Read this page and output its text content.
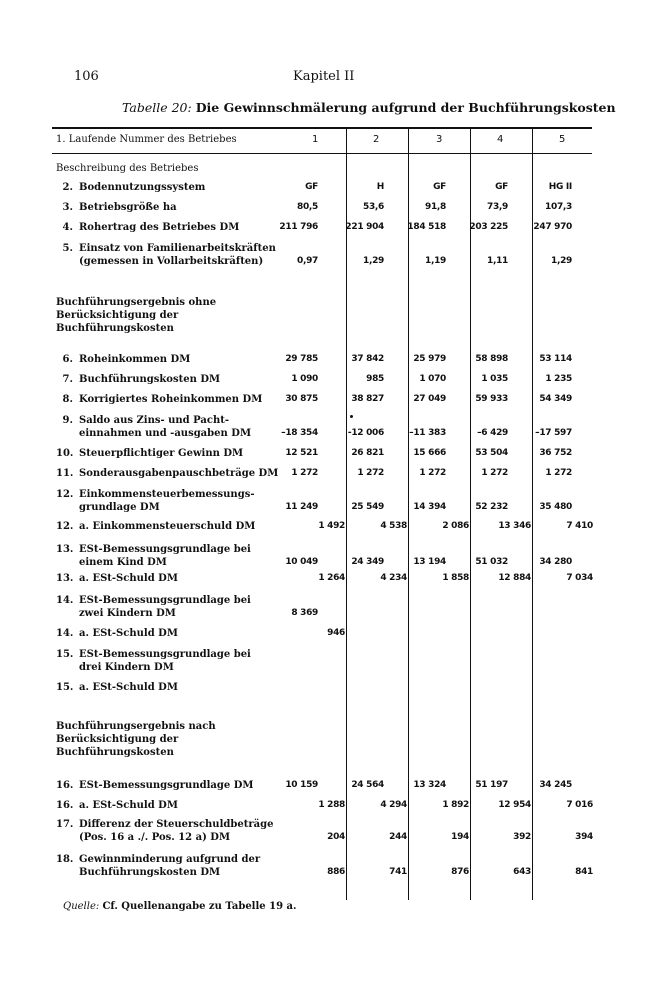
106	Kapitel II
Tabelle 20: Die Gewinnschmälerung aufgrund der Buchführungskosten
1. Laufende Nummer des Betriebes	1	2	3	4	5
Beschreibung des Betriebes
Buchführungsergebnis ohne
Berücksichtigung der
Buchführungskosten
Buchführungsergebnis nach
Berücksichtigung der
Buchführungskosten
2. Bodennutzungssystem	GF	H	GF	GF	HG II
3. Betriebsgröße ha	80,5	53,6	91,8	73,9	107,3
4. Rohertrag des Betriebes DM	211 796	221 904	184 518	203 225	247 970
5. Einsatz von Familienarbeitskräften
(gemessen in Vollarbeitskräften)	0,97	1,29	1,19	1,11	1,29
6. Roheinkommen DM	29 785	37 842	25 979	58 898	53 114
7. Buchführungskosten DM	1 090	985	1 070	1 035	1 235
8. Korrigiertes Roheinkommen DM	30 875	38 827	27 049	59 933	54 349
9. Saldo aus Zins- und Pacht-
einnahmen und -ausgaben DM	–18 354	-12 006	–11 383	–6 429	–17 597
10. Steuerpflichtiger Gewinn DM	12 521	26 821	15 666	53 504	36 752
11. Sonderausgabenpauschbeträge DM 1 272	1 272	1 272	1 272	1 272
12. Einkommensteuerbemessungs-
grundlage DM	11 249	25 549	14 394	52 232	35 480
12. a. Einkommensteuerschuld DM	1 492	4 538	2 086	13 346	7 410
13. ESt-Bemessungsgrundlage bei
einem Kind DM	10 049	24 349	13 194	51 032	34 280
13. a. ESt-Schuld DM	1 264	4 234	1 858	12 884	7 034
14. ESt-Bemessungsgrundlage bei
zwei Kindern DM	8 369
14. a. ESt-Schuld DM	946
15. ESt-Bemessungsgrundlage bei
drei Kindern DM
15. a. ESt-Schuld DM
16. ESt-Bemessungsgrundlage DM	10 159	24 564	13 324	51 197	34 245
16. a. ESt-Schuld DM	1 288	4 294	1 892	12 954	7 016
17. Differenz der Steuerschuldbeträge
(Pos. 16 a ./. Pos. 12 a) DM	204	244	194	392	394
18. Gewinnminderung aufgrund der
Buchführungskosten DM	886	741	876	643	841
Quelle: Cf. Quellenangabe zu Tabelle 19 a.
